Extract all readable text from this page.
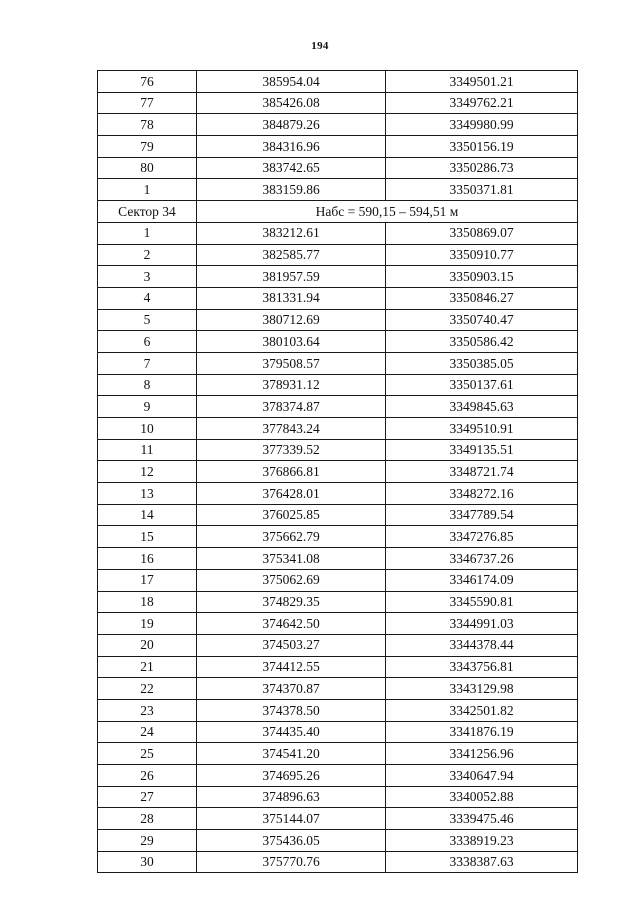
194
76	385954.04	3349501.21
77	385426.08	3349762.21
78	384879.26	3349980.99
79	384316.96	3350156.19
80	383742.65	3350286.73
1	383159.86	3350371.81
Сектор 34	Набс = 590,15 – 594,51 м	
1	383212.61	3350869.07
2	382585.77	3350910.77
3	381957.59	3350903.15
4	381331.94	3350846.27
5	380712.69	3350740.47
6	380103.64	3350586.42
7	379508.57	3350385.05
8	378931.12	3350137.61
9	378374.87	3349845.63
10	377843.24	3349510.91
11	377339.52	3349135.51
12	376866.81	3348721.74
13	376428.01	3348272.16
14	376025.85	3347789.54
15	375662.79	3347276.85
16	375341.08	3346737.26
17	375062.69	3346174.09
18	374829.35	3345590.81
19	374642.50	3344991.03
20	374503.27	3344378.44
21	374412.55	3343756.81
22	374370.87	3343129.98
23	374378.50	3342501.82
24	374435.40	3341876.19
25	374541.20	3341256.96
26	374695.26	3340647.94
27	374896.63	3340052.88
28	375144.07	3339475.46
29	375436.05	3338919.23
30	375770.76	3338387.63
